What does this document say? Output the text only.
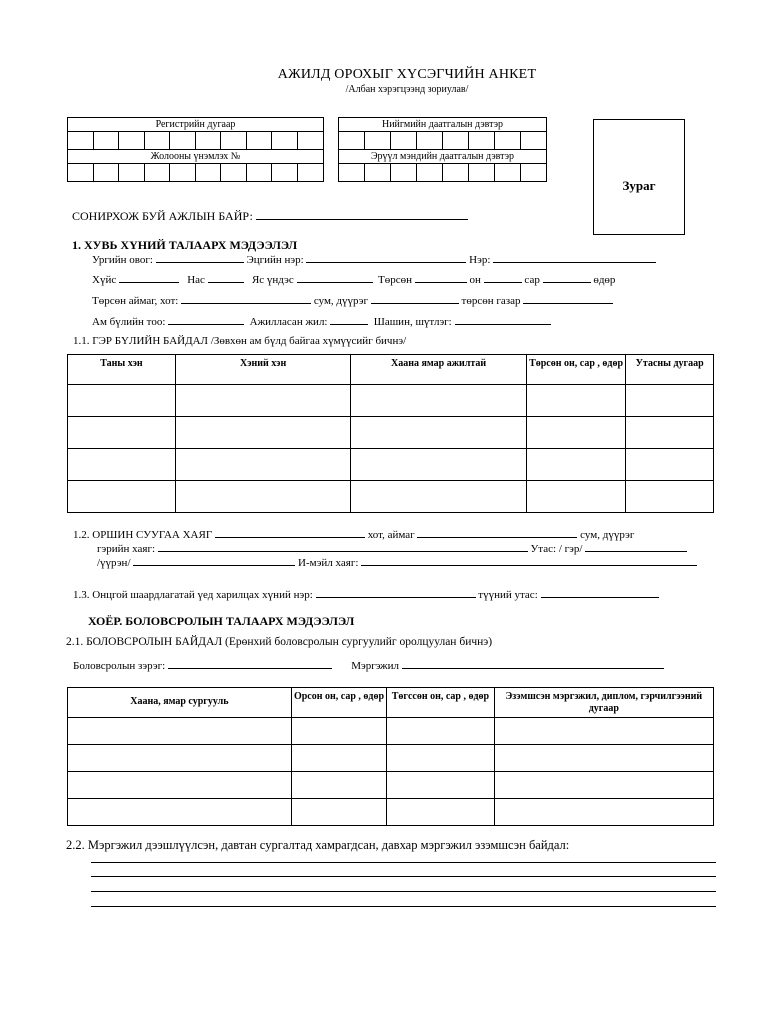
АЖИЛД ОРОХЫГ ХҮСЭГЧИЙН АНКЕТ
/Албан хэрэгцээнд зориулав/
Регистрийн дугаар									

Жолооны үнэмлэх №									

Нийгмийн даатгалын дэвтэр							

Эрүүл мэндийн даатгалын дэвтэр							

Зураг
СОНИРХОЖ БУЙ АЖЛЫН БАЙР:
1. ХУВЬ ХҮНИЙ ТАЛААРХ МЭДЭЭЛЭЛ
Ургийн овог:	Эцгийн нэр:	Нэр:
Хүйс	Нас	Яс үндэс	Төрсөн	он	сар	өдөр
Төрсөн аймаг, хот:	сум, дүүрэг	төрсөн газар
Ам бүлийн тоо:	Ажилласан жил:	Шашин, шүтлэг:
1.1. ГЭР БҮЛИЙН БАЙДАЛ /Зөвхөн ам бүлд байгаа хүмүүсийг бичнэ/
Таны хэн	Хэний хэн	Хаана ямар ажилтай	Төрсөн он, сар , өдөр	Утасны дугаар

1.2. ОРШИН СУУГАА ХАЯГ	хот, аймаг	сум, дүүрэг
гэрийн хаяг:	Утас: / гэр/
/үүрэн/	И-мэйл хаяг:
1.3. Онцгой шаардлагатай үед харилцах хүний нэр:	түүний утас:
ХОЁР. БОЛОВСРОЛЫН ТАЛААРХ МЭДЭЭЛЭЛ
2.1. БОЛОВСРОЛЫН БАЙДАЛ (Ерөнхий боловсролын сургуулийг оролцуулан бичнэ)
Боловсролын зэрэг:	Мэргэжил
Хаана, ямар сургууль	Орсон он, сар , өдөр	Төгссөн он, сар , өдөр	Эзэмшсэн мэргэжил, диплом, гэрчилгээний дугаар

2.2. Мэргэжил дээшлүүлсэн, давтан сургалтад хамрагдсан, давхар мэргэжил эзэмшсэн байдал:
